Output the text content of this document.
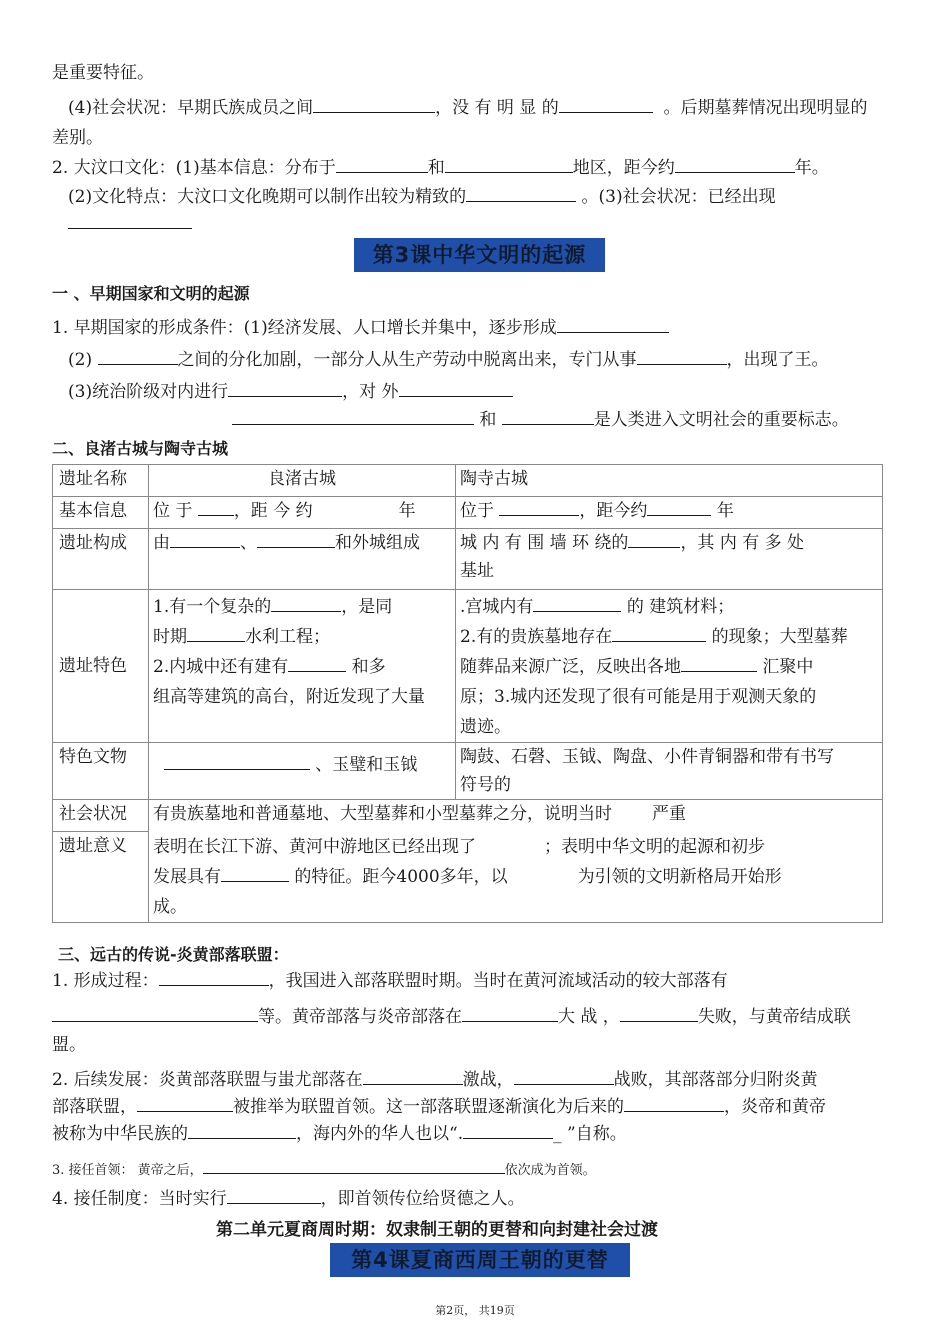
是重要特征。
(4)社会状况：早期氏族成员之间	，没 有 明 显 的	。后期墓葬情况出现明显的
差别。
2. 大汶口文化：(1)基本信息：分布于	和	地区，距今约	年。
(2)文化特点：大汶口文化晚期可以制作出较为精致的	。(3)社会状况：已经出现
第3课中华文明的起源
一 、早期国家和文明的起源
1. 早期国家的形成条件：(1)经济发展、人口增长并集中，逐步形成
(2)	之间的分化加剧，一部分人从生产劳动中脱离出来，专门从事	，出现了王。
(3)统治阶级对内进行	，对 外
和	是人类进入文明社会的重要标志。
二、良渚古城与陶寺古城
遗址名称	良渚古城	陶寺古城
基本信息	位 于 ，距 今 约 年	位于 ，距今约 年
遗址构成	由 、 和外城组成	城 内 有 围 墙 环 绕的 ，其 内 有 多 处
基址
遗址特色	1.有一个复杂的 ，是同
时期 水利工程；
2.内城中还有建有 和多
组高等建筑的高台，附近发现了大量	.宫城内有 的 建筑材料；
2.有的贵族墓地存在 的现象；大型墓葬
随葬品来源广泛，反映出各地 汇聚中
原；3.城内还发现了很有可能是用于观测天象的
遗迹。
特色文物	、玉璧和玉钺	陶鼓、石磬、玉钺、陶盘、小件青铜器和带有书写
符号的
社会状况	有贵族墓地和普通墓地、大型墓葬和小型墓葬之分，说明当时 严重	
遗址意义	表明在长江下游、黄河中游地区已经出现了 ；表明中华文明的起源和初步
发展具有 的特征。距今4000多年，以 为引领的文明新格局开始形
成。	
三、远古的传说-炎黄部落联盟：
1. 形成过程：	，我国进入部落联盟时期。当时在黄河流域活动的较大部落有
等。黄帝部落与炎帝部落在	大 战 ，	失败，与黄帝结成联
盟。
2. 后续发展：炎黄部落联盟与蚩尤部落在	激战，	战败，其部落部分归附炎黄
部落联盟，	被推举为联盟首领。这一部落联盟逐渐演化为后来的	，炎帝和黄帝
被称为中华民族的	，海内外的华人也以“.	_ ”自称。
3. 接任首领： 黄帝之后，	依次成为首领。
4. 接任制度：当时实行	，即首领传位给贤德之人。
第二单元夏商周时期：奴隶制王朝的更替和向封建社会过渡
第4课夏商西周王朝的更替
第2页， 共19页
